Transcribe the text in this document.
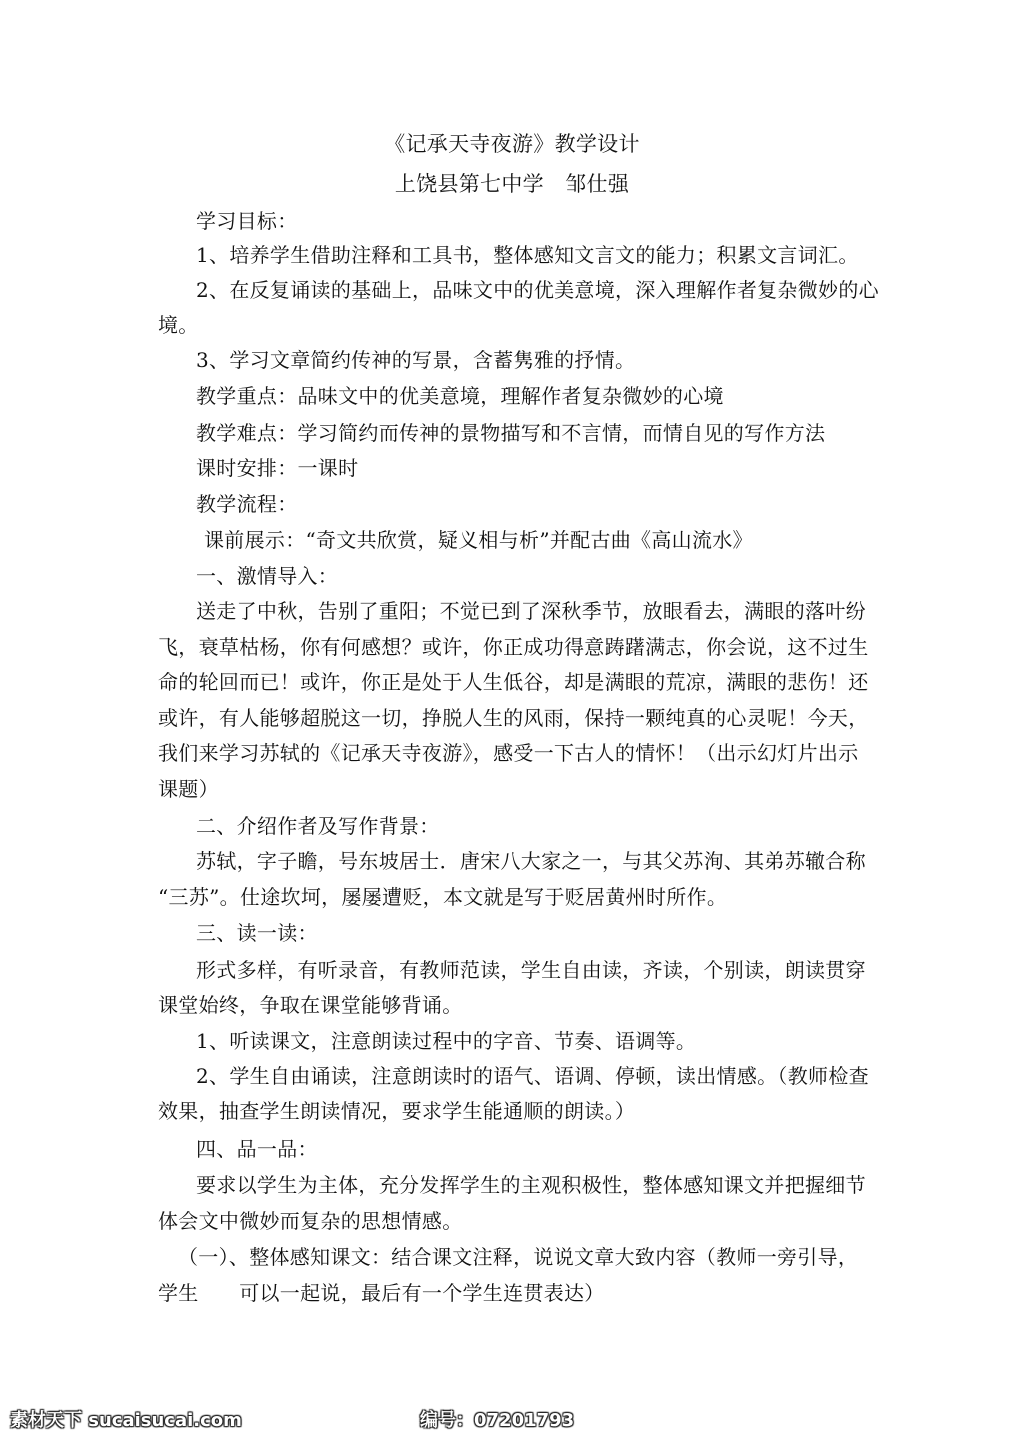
《记承天寺夜游》教学设计
上饶县第七中学　邹仕强
学习目标：
1、培养学生借助注释和工具书，整体感知文言文的能力；积累文言词汇。
2、在反复诵读的基础上，品味文中的优美意境，深入理解作者复杂微妙的心
境。
3、学习文章简约传神的写景，含蓄隽雅的抒情。
教学重点：品味文中的优美意境，理解作者复杂微妙的心境
教学难点：学习简约而传神的景物描写和不言情，而情自见的写作方法
课时安排：一课时
教学流程：
课前展示：“奇文共欣赏，疑义相与析”并配古曲《高山流水》
一、激情导入：
送走了中秋，告别了重阳；不觉已到了深秋季节，放眼看去，满眼的落叶纷
飞，衰草枯杨，你有何感想？或许，你正成功得意踌躇满志，你会说，这不过生
命的轮回而已！或许，你正是处于人生低谷，却是满眼的荒凉，满眼的悲伤！还
或许，有人能够超脱这一切，挣脱人生的风雨，保持一颗纯真的心灵呢！今天，
我们来学习苏轼的《记承天寺夜游》，感受一下古人的情怀！（出示幻灯片出示
课题）
二、介绍作者及写作背景：
苏轼，字子瞻，号东坡居士．唐宋八大家之一，与其父苏洵、其弟苏辙合称
“三苏”。仕途坎坷，屡屡遭贬，本文就是写于贬居黄州时所作。
三、读一读：
形式多样，有听录音，有教师范读，学生自由读，齐读，个别读，朗读贯穿
课堂始终，争取在课堂能够背诵。
1、听读课文，注意朗读过程中的字音、节奏、语调等。
2、学生自由诵读，注意朗读时的语气、语调、停顿，读出情感。（教师检查
效果，抽查学生朗读情况，要求学生能通顺的朗读。）
四、品一品：
要求以学生为主体，充分发挥学生的主观积极性，整体感知课文并把握细节
体会文中微妙而复杂的思想情感。
（一）、整体感知课文：结合课文注释，说说文章大致内容（教师一旁引导，
学生　　可以一起说，最后有一个学生连贯表达）
素材天下 sucaisucai.com	编号：07201793
